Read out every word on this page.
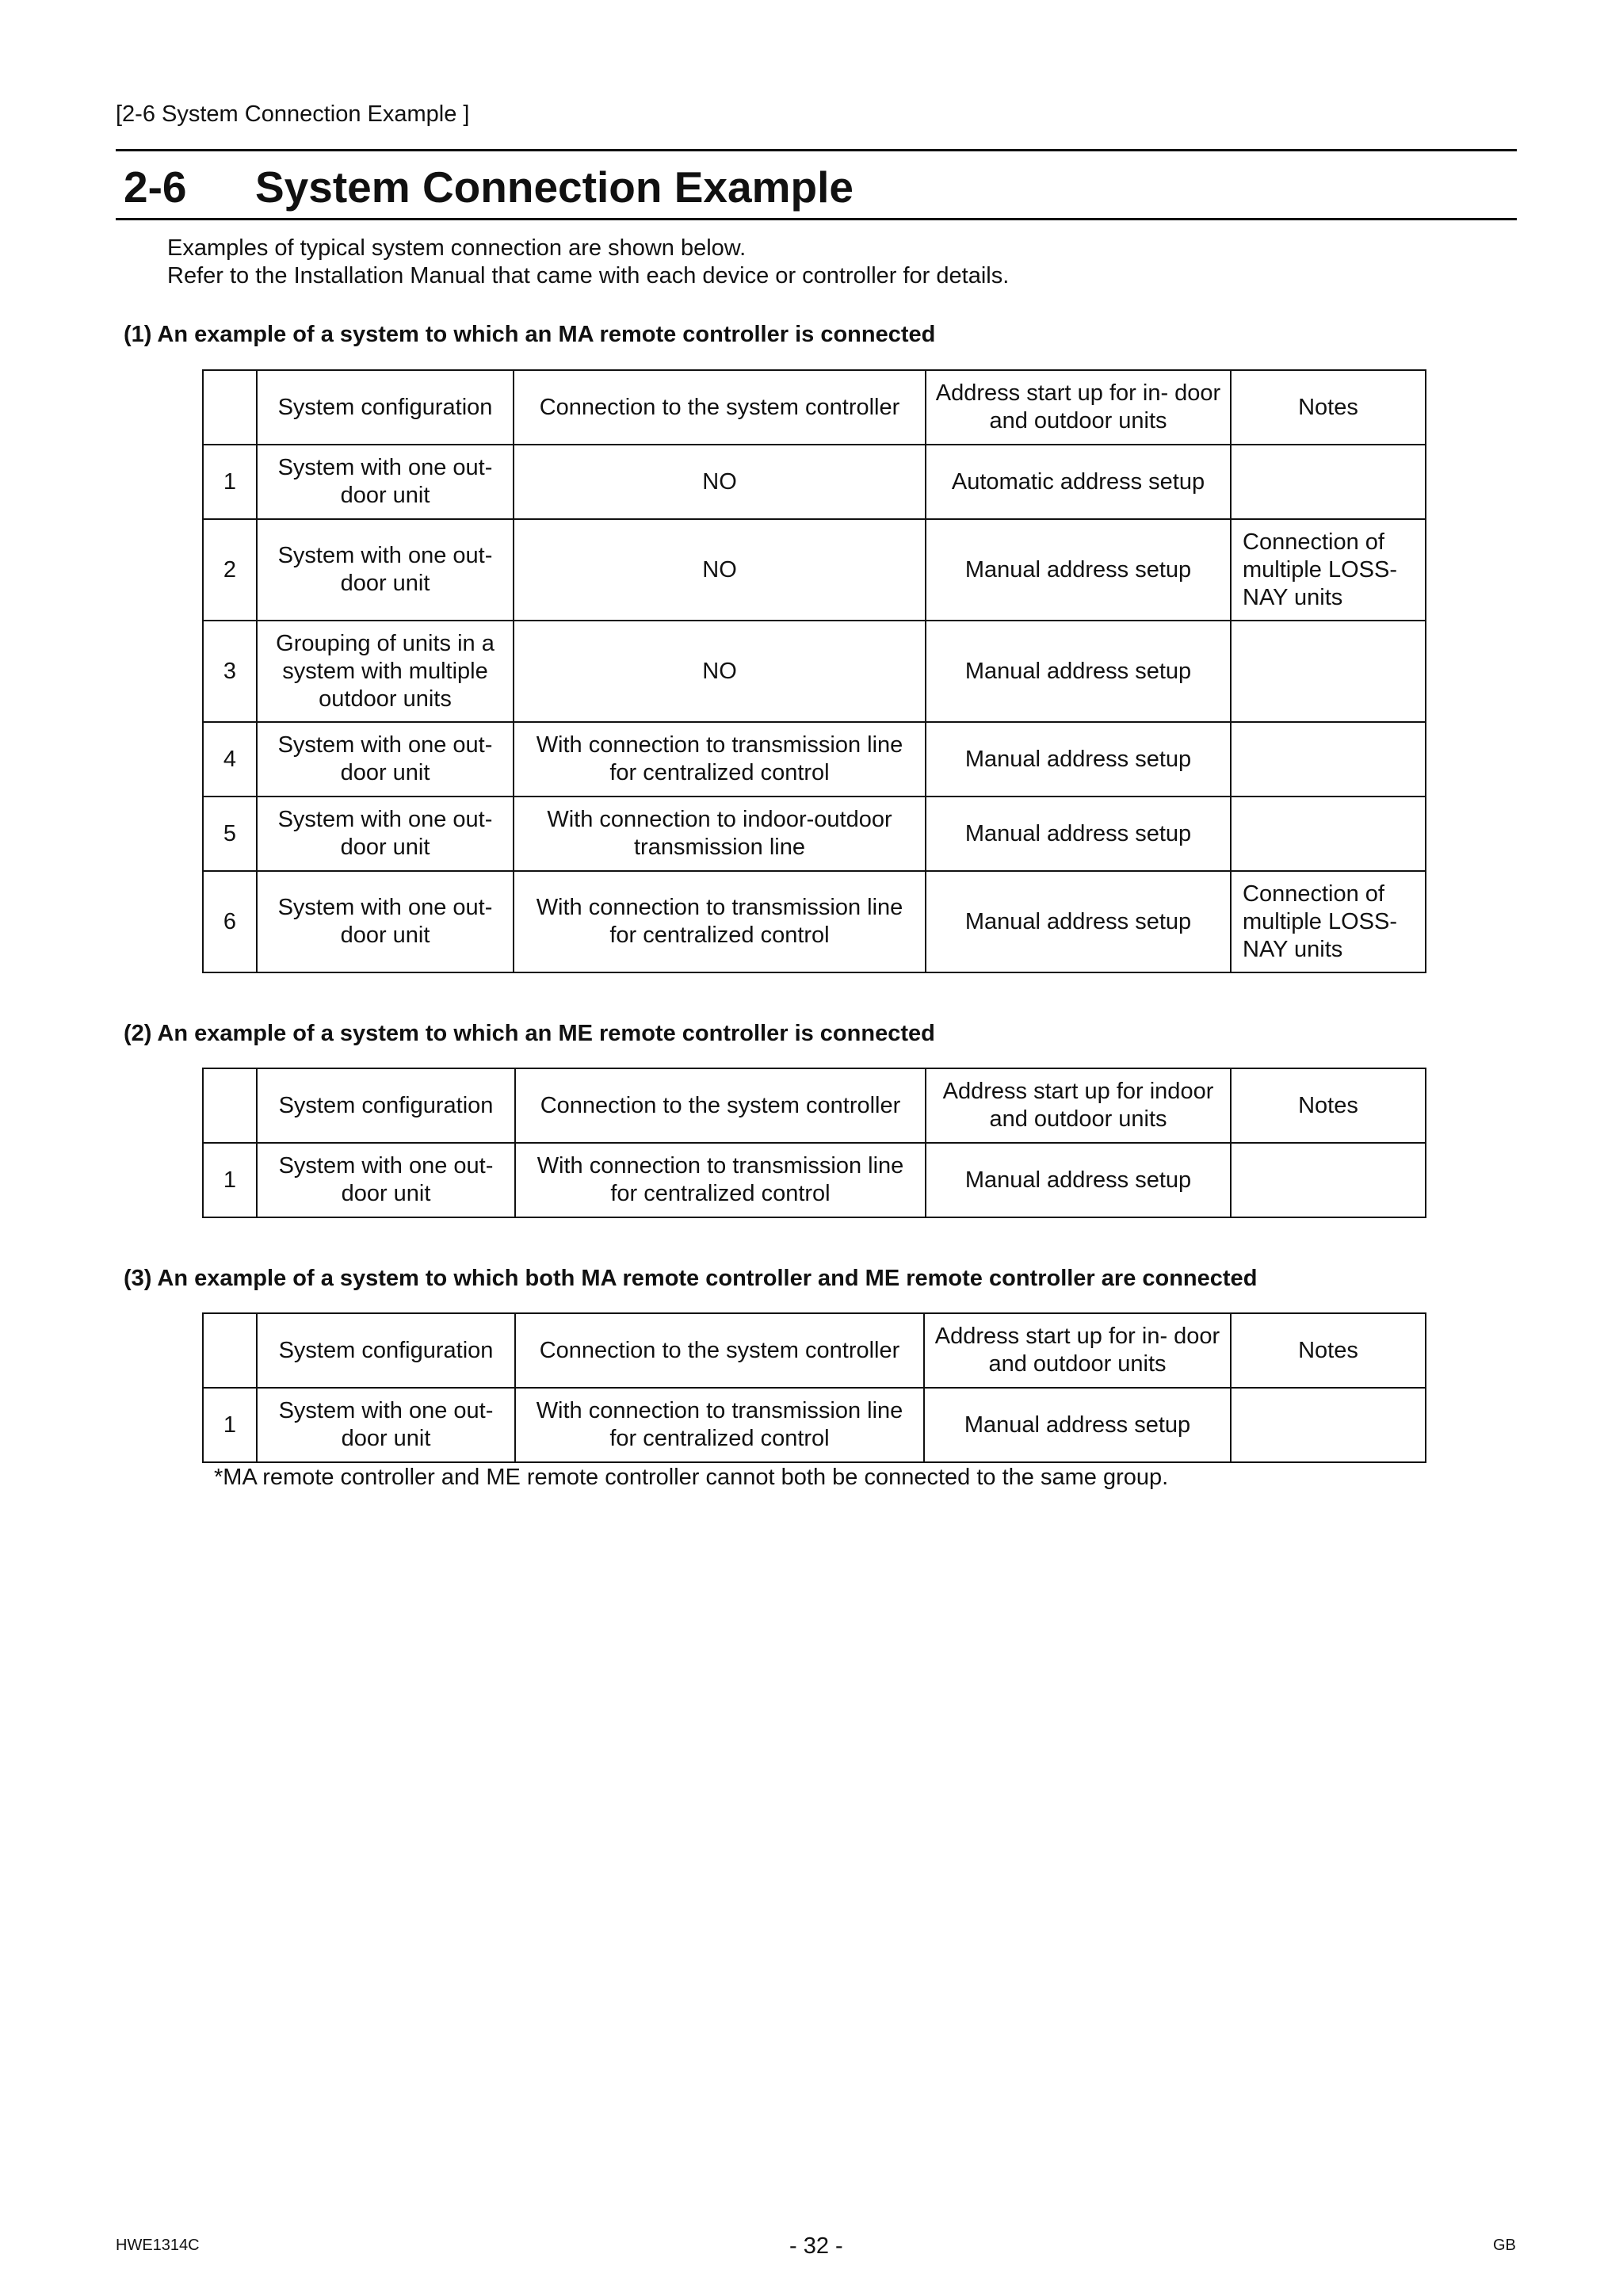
[2-6 System Connection Example ]
2-6 System Connection Example
Examples of typical system connection are shown below.
Refer to the Installation Manual that came with each device or controller for details.
(1) An example of a system to which an MA remote controller is connected
	System configuration	Connection to the system controller	Address start up for in- door and outdoor units	Notes
1	System with one out- door unit	NO	Automatic address setup	
2	System with one out- door unit	NO	Manual address setup	Connection of multiple LOSS- NAY units
3	Grouping of units in a system with multiple outdoor units	NO	Manual address setup	
4	System with one out- door unit	With connection to transmission line for centralized control	Manual address setup	
5	System with one out- door unit	With connection to indoor-outdoor transmission line	Manual address setup	
6	System with one out- door unit	With connection to transmission line for centralized control	Manual address setup	Connection of multiple LOSS- NAY units
(2) An example of a system to which an ME remote controller is connected
	System configuration	Connection to the system controller	Address start up for indoor and outdoor units	Notes
1	System with one out- door unit	With connection to transmission line for centralized control	Manual address setup	
(3) An example of a system to which both MA remote controller and ME remote controller are connected
	System configuration	Connection to the system controller	Address start up for in- door and outdoor units	Notes
1	System with one out- door unit	With connection to transmission line for centralized control	Manual address setup	
*MA remote controller and ME remote controller cannot both be connected to the same group.
HWE1314C	- 32 -	GB
